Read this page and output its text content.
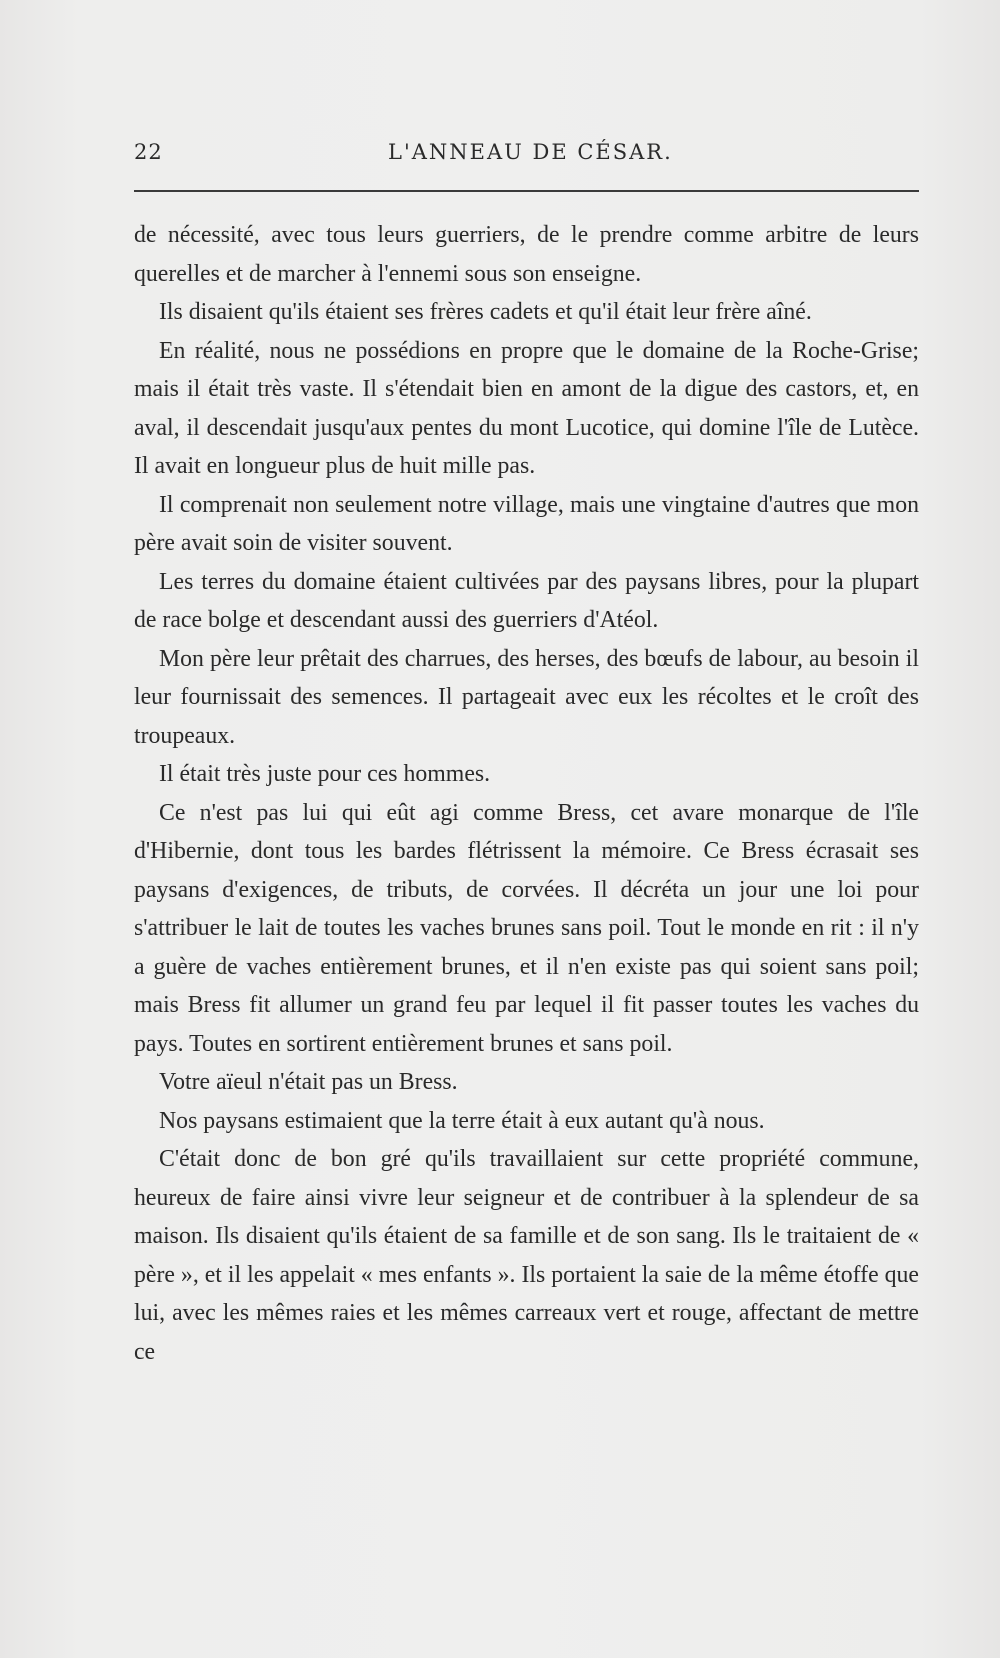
22	L'ANNEAU DE CÉSAR.

de nécessité, avec tous leurs guerriers, de le prendre comme arbitre de leurs querelles et de marcher à l'ennemi sous son enseigne.

Ils disaient qu'ils étaient ses frères cadets et qu'il était leur frère aîné.

En réalité, nous ne possédions en propre que le domaine de la Roche-Grise; mais il était très vaste. Il s'étendait bien en amont de la digue des castors, et, en aval, il descendait jusqu'aux pentes du mont Lucotice, qui domine l'île de Lutèce. Il avait en longueur plus de huit mille pas.

Il comprenait non seulement notre village, mais une vingtaine d'autres que mon père avait soin de visiter souvent.

Les terres du domaine étaient cultivées par des paysans libres, pour la plupart de race bolge et descendant aussi des guerriers d'Atéol.

Mon père leur prêtait des charrues, des herses, des bœufs de labour, au besoin il leur fournissait des semences. Il partageait avec eux les récoltes et le croît des troupeaux.

Il était très juste pour ces hommes.

Ce n'est pas lui qui eût agi comme Bress, cet avare monarque de l'île d'Hibernie, dont tous les bardes flétrissent la mémoire. Ce Bress écrasait ses paysans d'exigences, de tributs, de corvées. Il décréta un jour une loi pour s'attribuer le lait de toutes les vaches brunes sans poil. Tout le monde en rit : il n'y a guère de vaches entièrement brunes, et il n'en existe pas qui soient sans poil; mais Bress fit allumer un grand feu par lequel il fit passer toutes les vaches du pays. Toutes en sortirent entièrement brunes et sans poil.

Votre aïeul n'était pas un Bress.

Nos paysans estimaient que la terre était à eux autant qu'à nous.

C'était donc de bon gré qu'ils travaillaient sur cette propriété commune, heureux de faire ainsi vivre leur seigneur et de contribuer à la splendeur de sa maison. Ils disaient qu'ils étaient de sa famille et de son sang. Ils le traitaient de « père », et il les appelait « mes enfants ». Ils portaient la saie de la même étoffe que lui, avec les mêmes raies et les mêmes carreaux vert et rouge, affectant de mettre ce
